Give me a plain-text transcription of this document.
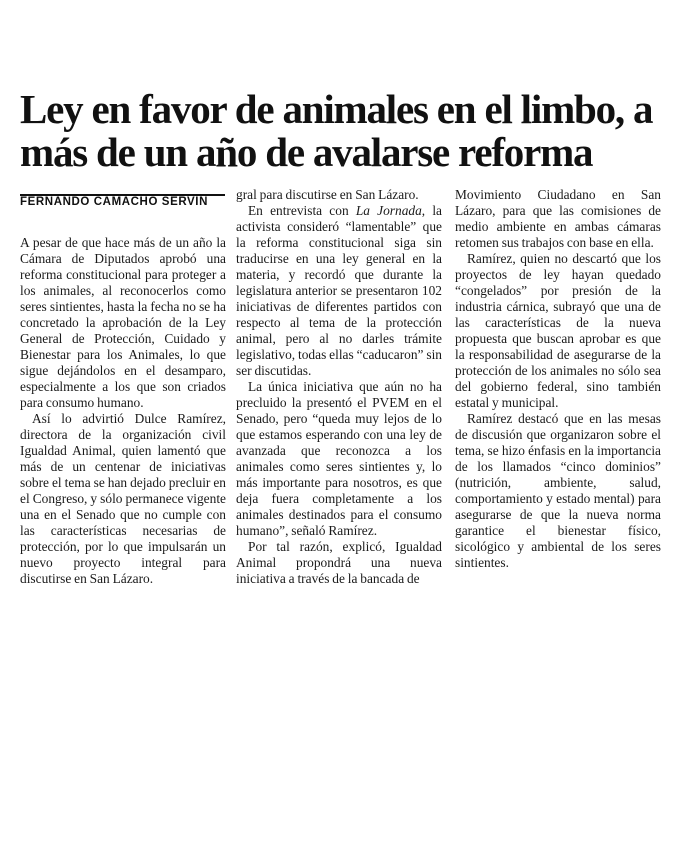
Ley en favor de animales en el limbo, a más de un año de avalarse reforma
FERNANDO CAMACHO SERVÍN

A pesar de que hace más de un año la Cámara de Diputados aprobó una reforma constitucional para proteger a los animales, al reconocerlos como seres sintientes, hasta la fecha no se ha concretado la aprobación de la Ley General de Protección, Cuidado y Bienestar para los Animales, lo que sigue dejándolos en el desamparo, especialmente a los que son criados para consumo humano.

Así lo advirtió Dulce Ramírez, directora de la organización civil Igualdad Animal, quien lamentó que más de un centenar de iniciativas sobre el tema se han dejado precluir en el Congreso, y sólo permanece vigente una en el Senado que no cumple con las características necesarias de protección, por lo que impulsarán un nuevo proyecto integral para discutirse en San Lázaro.

gral para discutirse en San Lázaro.

En entrevista con La Jornada, la activista consideró “lamentable” que la reforma constitucional siga sin traducirse en una ley general en la materia, y recordó que durante la legislatura anterior se presentaron 102 iniciativas de diferentes partidos con respecto al tema de la protección animal, pero al no darles trámite legislativo, todas ellas “caducaron” sin ser discutidas.

La única iniciativa que aún no ha precluido la presentó el PVEM en el Senado, pero “queda muy lejos de lo que estamos esperando con una ley de avanzada que reconozca a los animales como seres sintientes y, lo más importante para nosotros, es que deja fuera completamente a los animales destinados para el consumo humano”, señaló Ramírez.

Por tal razón, explicó, Igualdad Animal propondrá una nueva iniciativa a través de la bancada de

Movimiento Ciudadano en San Lázaro, para que las comisiones de medio ambiente en ambas cámaras retomen sus trabajos con base en ella.

Ramírez, quien no descartó que los proyectos de ley hayan quedado “congelados” por presión de la industria cárnica, subrayó que una de las características de la nueva propuesta que buscan aprobar es que la responsabilidad de asegurarse de la protección de los animales no sólo sea del gobierno federal, sino también estatal y municipal.

Ramírez destacó que en las mesas de discusión que organizaron sobre el tema, se hizo énfasis en la importancia de los llamados “cinco dominios” (nutrición, ambiente, salud, comportamiento y estado mental) para asegurarse de que la nueva norma garantice el bienestar físico, sicológico y ambiental de los seres sintientes.
